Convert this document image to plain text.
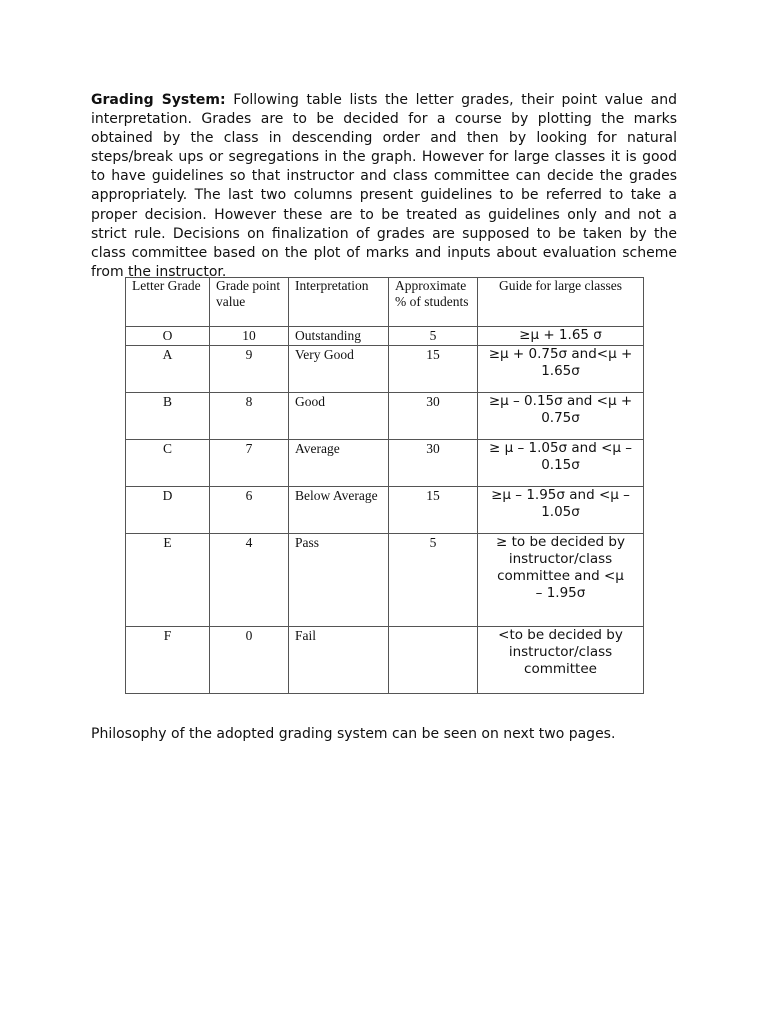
Grading System: Following table lists the letter grades, their point value and interpretation. Grades are to be decided for a course by plotting the marks obtained by the class in descending order and then by looking for natural steps/break ups or segregations in the graph. However for large classes it is good to have guidelines so that instructor and class committee can decide the grades appropriately. The last two columns present guidelines to be referred to take a proper decision. However these are to be treated as guidelines only and not a strict rule. Decisions on finalization of grades are supposed to be taken by the class committee based on the plot of marks and inputs about evaluation scheme from the instructor.

Letter Grade	Grade point value	Interpretation	Approximate % of students	Guide for large classes
O	10	Outstanding	5	≥μ + 1.65 σ
A	9	Very Good	15	≥μ + 0.75σ and<μ + 1.65σ
B	8	Good	30	≥μ – 0.15σ and <μ + 0.75σ
C	7	Average	30	≥ μ – 1.05σ and <μ – 0.15σ
D	6	Below Average	15	≥μ – 1.95σ and <μ – 1.05σ
E	4	Pass	5	≥ to be decided by instructor/class committee and <μ – 1.95σ
F	0	Fail		<to be decided by instructor/class committee

Philosophy of the adopted grading system can be seen on next two pages.
